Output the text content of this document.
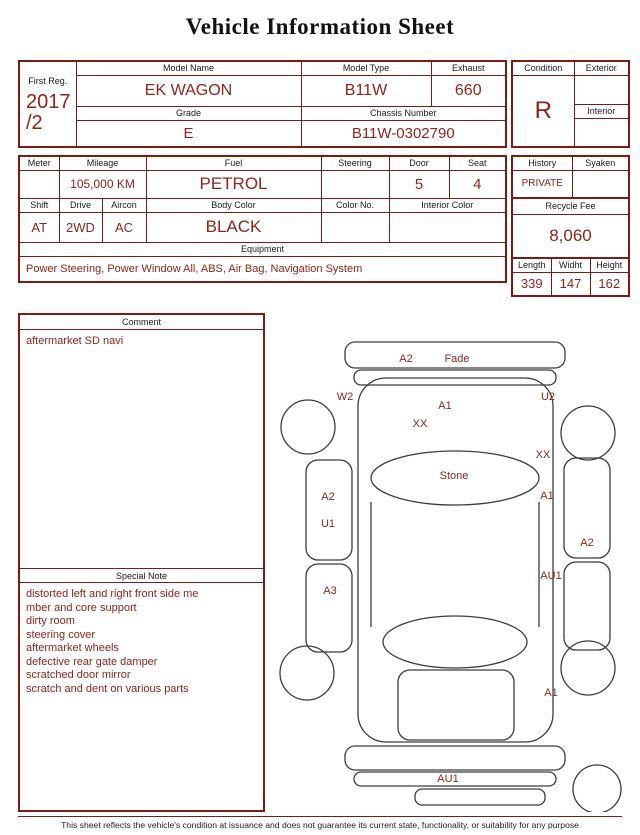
Vehicle Information Sheet
First Reg.
2017
/2	Model Name	Model Type	Exhaust
	EK WAGON	B11W	660
	Grade	Chassis Number	
	E	B11W-0302790	
Condition	Exterior
R	
	Interior

Meter	Mileage		Fuel	Steering	Door	Seat
	105,000 KM		PETROL		5	4
Shift	Drive	Aircon	Body Color	Color No.	Interior Color	
AT	2WD	AC	BLACK			
Equipment						
Power Steering, Power Window All, ABS, Air Bag, Navigation System						
History	Syaken
PRIVATE	
Recycle Fee
8,060
Length	Widht	Height
339	147	162
Comment
aftermarket SD navi
Special Note
distorted left and right front side me
mber and core support
dirty room
steering cover
aftermarket wheels
defective rear gate damper
scratched door mirror
scratch and dent on various parts
A2	Fade
W2	U2
A1
XX
XX
Stone
A2	A1
U1
A2
A3
AU1
A1
AU1
This sheet reflects the vehicle's condition at issuance and does not guarantee its current state, functionality, or suitability for any purpose
